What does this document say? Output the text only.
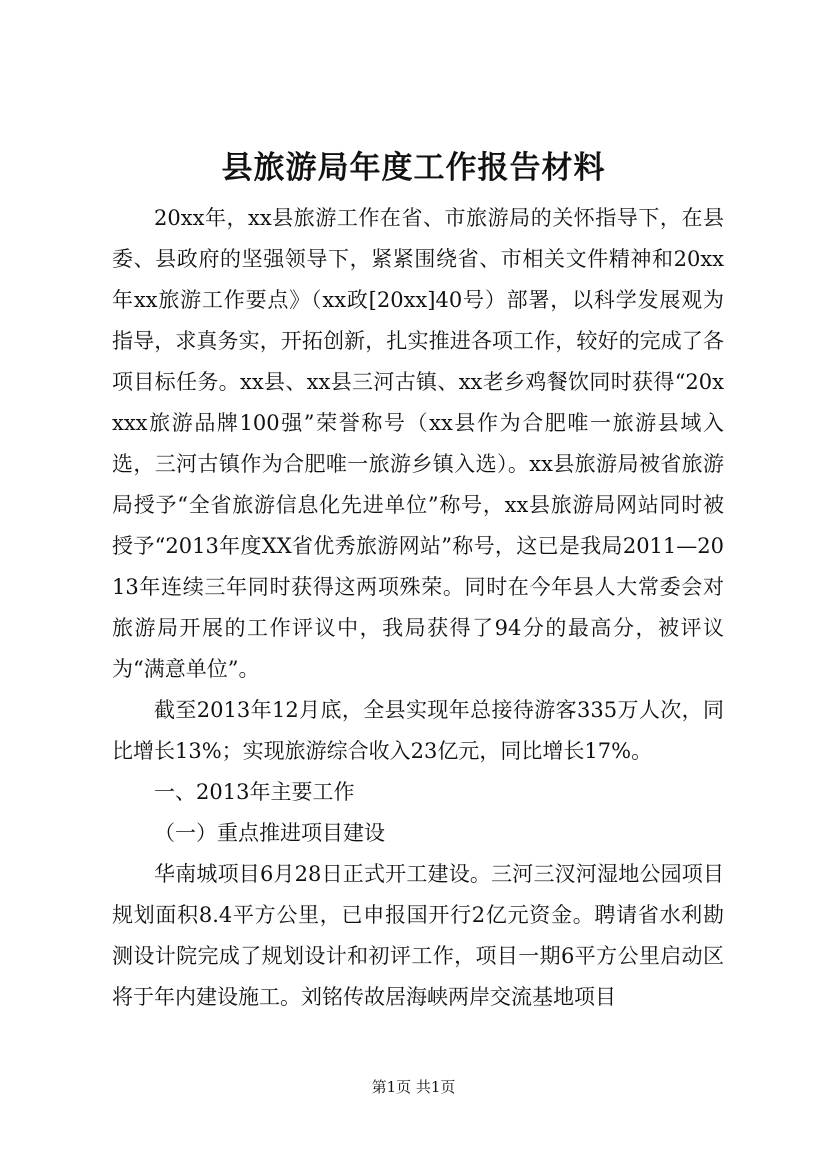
县旅游局年度工作报告材料

20xx年，xx县旅游工作在省、市旅游局的关怀指导下，在县委、县政府的坚强领导下，紧紧围绕省、市相关文件精神和20xx年xx旅游工作要点》（xx政[20xx]40号）部署，以科学发展观为指导，求真务实，开拓创新，扎实推进各项工作，较好的完成了各项目标任务。xx县、xx县三河古镇、xx老乡鸡餐饮同时获得“20xxxx旅游品牌100强”荣誉称号（xx县作为合肥唯一旅游县域入选，三河古镇作为合肥唯一旅游乡镇入选）。xx县旅游局被省旅游局授予“全省旅游信息化先进单位”称号，xx县旅游局网站同时被授予“2013年度XX省优秀旅游网站”称号，这已是我局2011—2013年连续三年同时获得这两项殊荣。同时在今年县人大常委会对旅游局开展的工作评议中，我局获得了94分的最高分，被评议为“满意单位”。

截至2013年12月底，全县实现年总接待游客335万人次，同比增长13%；实现旅游综合收入23亿元，同比增长17%。

一、2013年主要工作

（一）重点推进项目建设

华南城项目6月28日正式开工建设。三河三汊河湿地公园项目规划面积8.4平方公里，已申报国开行2亿元资金。聘请省水利勘测设计院完成了规划设计和初评工作，项目一期6平方公里启动区将于年内建设施工。刘铭传故居海峡两岸交流基地项目

第1页 共1页
